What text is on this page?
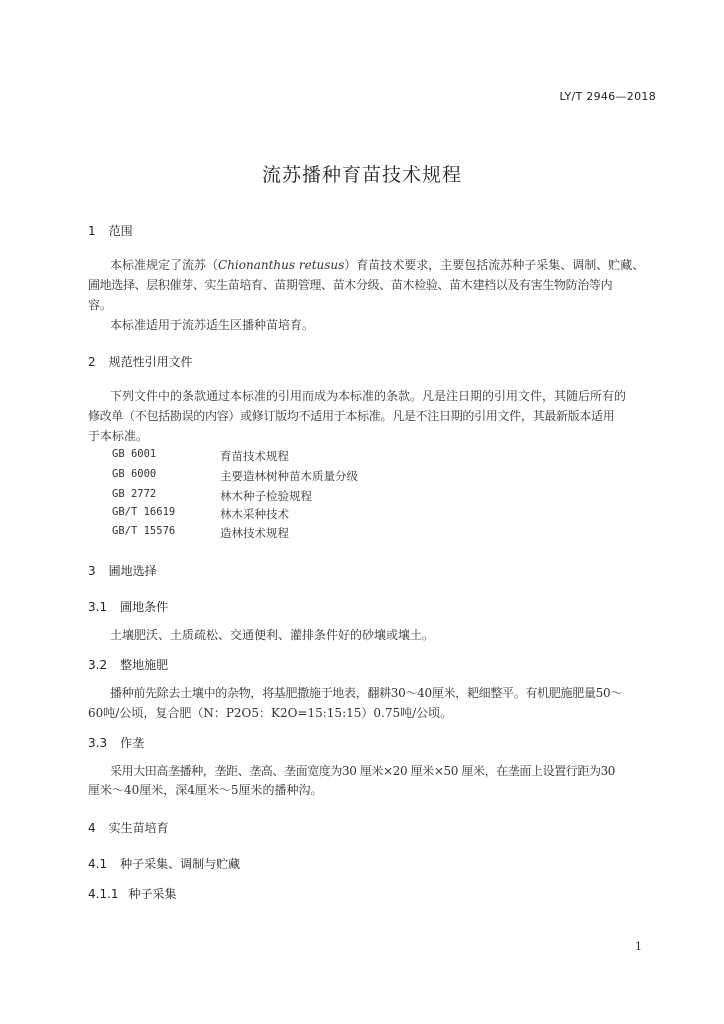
LY/T 2946—2018
流苏播种育苗技术规程
1 范围
本标准规定了流苏（Chionanthus retusus）育苗技术要求，主要包括流苏种子采集、调制、贮藏、
圃地选择、层积催芽、实生苗培育、苗期管理、苗木分级、苗木检验、苗木建档以及有害生物防治等内
容。
本标准适用于流苏适生区播种苗培育。
2 规范性引用文件
下列文件中的条款通过本标准的引用而成为本标准的条款。凡是注日期的引用文件，其随后所有的
修改单（不包括勘误的内容）或修订版均不适用于本标准。凡是不注日期的引用文件，其最新版本适用
于本标准。
GB 6001	育苗技术规程
GB 6000	主要造林树种苗木质量分级
GB 2772	林木种子检验规程
GB/T 16619	林木采种技术
GB/T 15576	造林技术规程
3 圃地选择
3.1 圃地条件
土壤肥沃、土质疏松、交通便利、灌排条件好的砂壤或壤土。
3.2 整地施肥
播种前先除去土壤中的杂物，将基肥撒施于地表，翻耕30～40厘米，耙细整平。有机肥施肥量50～
60吨/公顷，复合肥（N：P2O5：K2O=15:15:15）0.75吨/公顷。
3.3 作垄
采用大田高垄播种，垄距、垄高、垄面宽度为30 厘米×20 厘米×50 厘米，在垄面上设置行距为30
厘米～40厘米，深4厘米～5厘米的播种沟。
4 实生苗培育
4.1 种子采集、调制与贮藏
4.1.1 种子采集
1
